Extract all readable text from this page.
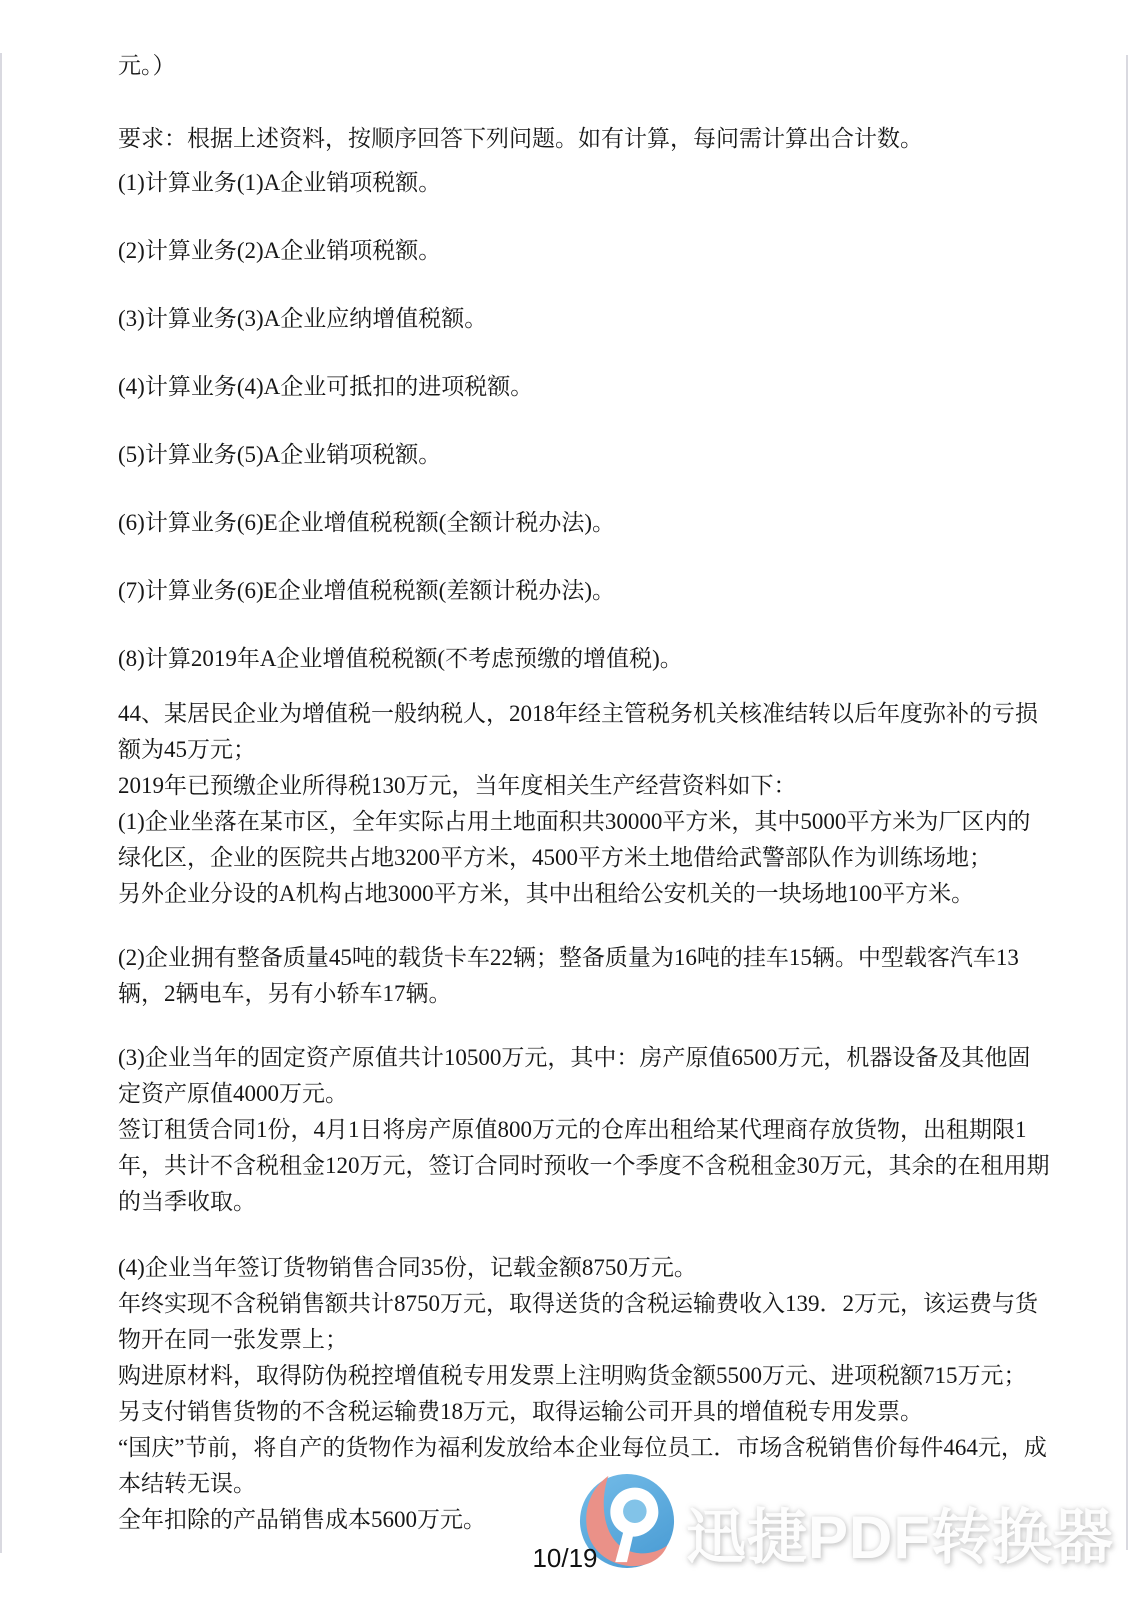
元。）
要求：根据上述资料，按顺序回答下列问题。如有计算，每问需计算出合计数。
(1)计算业务(1)A企业销项税额。
(2)计算业务(2)A企业销项税额。
(3)计算业务(3)A企业应纳增值税额。
(4)计算业务(4)A企业可抵扣的进项税额。
(5)计算业务(5)A企业销项税额。
(6)计算业务(6)E企业增值税税额(全额计税办法)。
(7)计算业务(6)E企业增值税税额(差额计税办法)。
(8)计算2019年A企业增值税税额(不考虑预缴的增值税)。
44、某居民企业为增值税一般纳税人，2018年经主管税务机关核准结转以后年度弥补的亏损
额为45万元；
2019年已预缴企业所得税130万元，当年度相关生产经营资料如下：
(1)企业坐落在某市区，全年实际占用土地面积共30000平方米，其中5000平方米为厂区内的
绿化区，企业的医院共占地3200平方米，4500平方米土地借给武警部队作为训练场地；
另外企业分设的A机构占地3000平方米，其中出租给公安机关的一块场地100平方米。
(2)企业拥有整备质量45吨的载货卡车22辆；整备质量为16吨的挂车15辆。中型载客汽车13
辆，2辆电车，另有小轿车17辆。
(3)企业当年的固定资产原值共计10500万元，其中：房产原值6500万元，机器设备及其他固
定资产原值4000万元。
签订租赁合同1份，4月1日将房产原值800万元的仓库出租给某代理商存放货物，出租期限1
年，共计不含税租金120万元，签订合同时预收一个季度不含税租金30万元，其余的在租用期
的当季收取。
(4)企业当年签订货物销售合同35份，记载金额8750万元。
年终实现不含税销售额共计8750万元，取得送货的含税运输费收入139．2万元，该运费与货
物开在同一张发票上；
购进原材料，取得防伪税控增值税专用发票上注明购货金额5500万元、进项税额715万元；
另支付销售货物的不含税运输费18万元，取得运输公司开具的增值税专用发票。
“国庆”节前，将自产的货物作为福利发放给本企业每位员工．市场含税销售价每件464元，成
本结转无误。
全年扣除的产品销售成本5600万元。	迅捷PDF转换器
10/19
